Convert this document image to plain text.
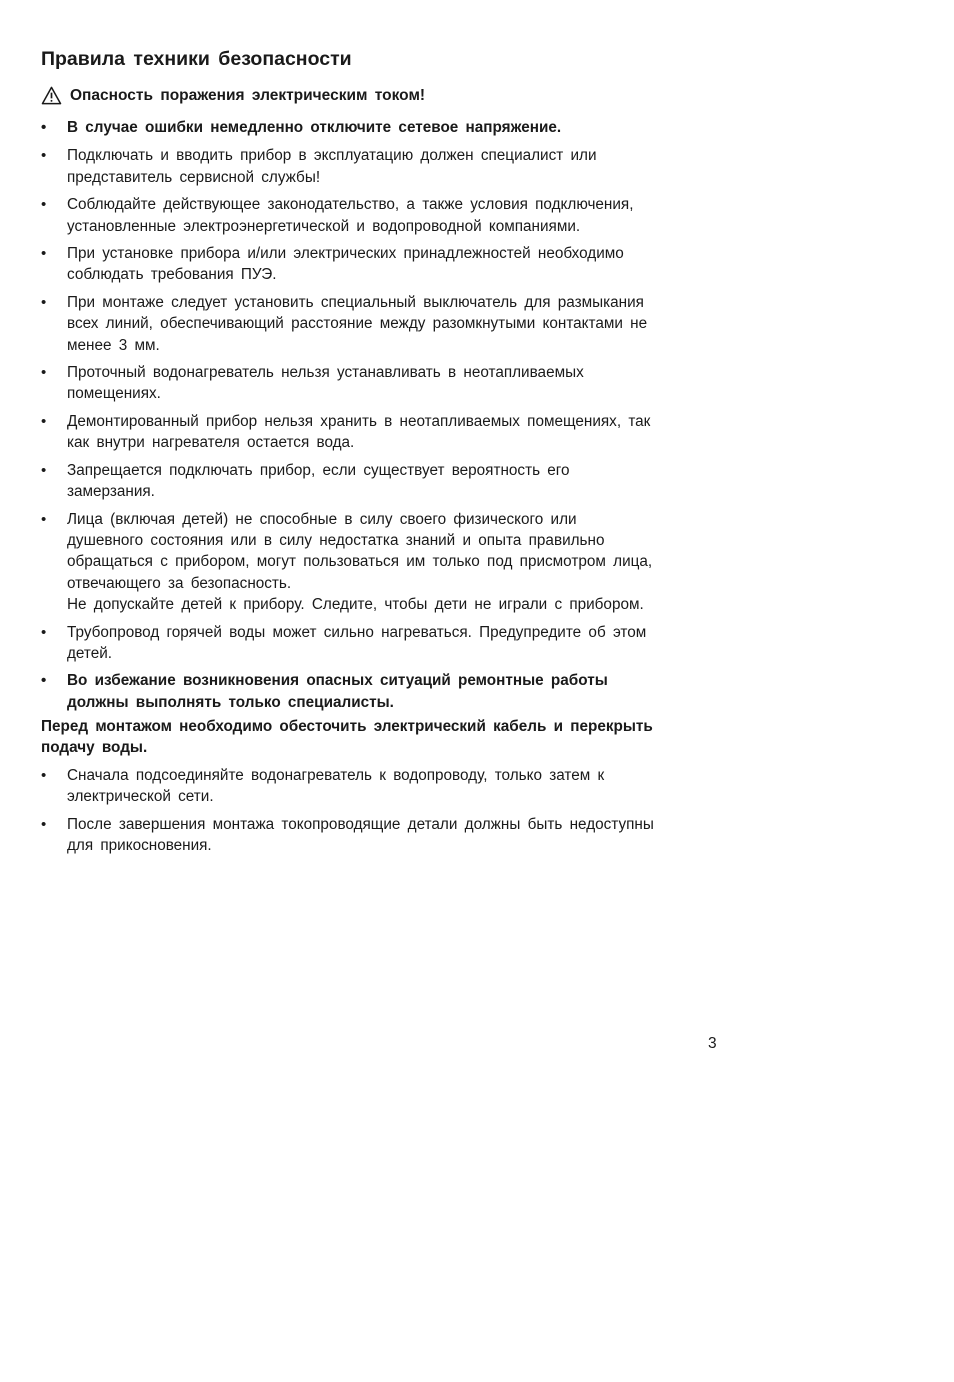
Правила техники безопасности
Опасность поражения электрическим током!
• В случае ошибки немедленно отключите сетевое напряжение.
• Подключать и вводить прибор в эксплуатацию должен специалист или
представитель сервисной службы!
• Соблюдайте действующее законодательство, а также условия подключения,
установленные электроэнергетической и водопроводной компаниями.
• При установке прибора и/или электрических принадлежностей необходимо
соблюдать требования ПУЭ.
• При монтаже следует установить специальный выключатель для размыкания
всех линий, обеспечивающий расстояние между разомкнутыми контактами не
менее 3 мм.
• Проточный водонагреватель нельзя устанавливать в неотапливаемых
помещениях.
• Демонтированный прибор нельзя хранить в неотапливаемых помещениях, так
как внутри нагревателя остается вода.
• Запрещается подключать прибор, если существует вероятность его
замерзания.
• Лица (включая детей) не способные в силу своего физического или
душевного состояния или в силу недостатка знаний и опыта правильно
обращаться с прибором, могут пользоваться им только под присмотром лица,
отвечающего за безопасность.
Не допускайте детей к прибору. Следите, чтобы дети не играли с прибором.
• Трубопровод горячей воды может сильно нагреваться. Предупредите об этом
детей.
• Во избежание возникновения опасных ситуаций ремонтные работы
должны выполнять только специалисты.
Перед монтажом необходимо обесточить электрический кабель и перекрыть
подачу воды.
• Сначала подсоединяйте водонагреватель к водопроводу, только затем к
электрической сети.
• После завершения монтажа токопроводящие детали должны быть недоступны
для прикосновения.
3
